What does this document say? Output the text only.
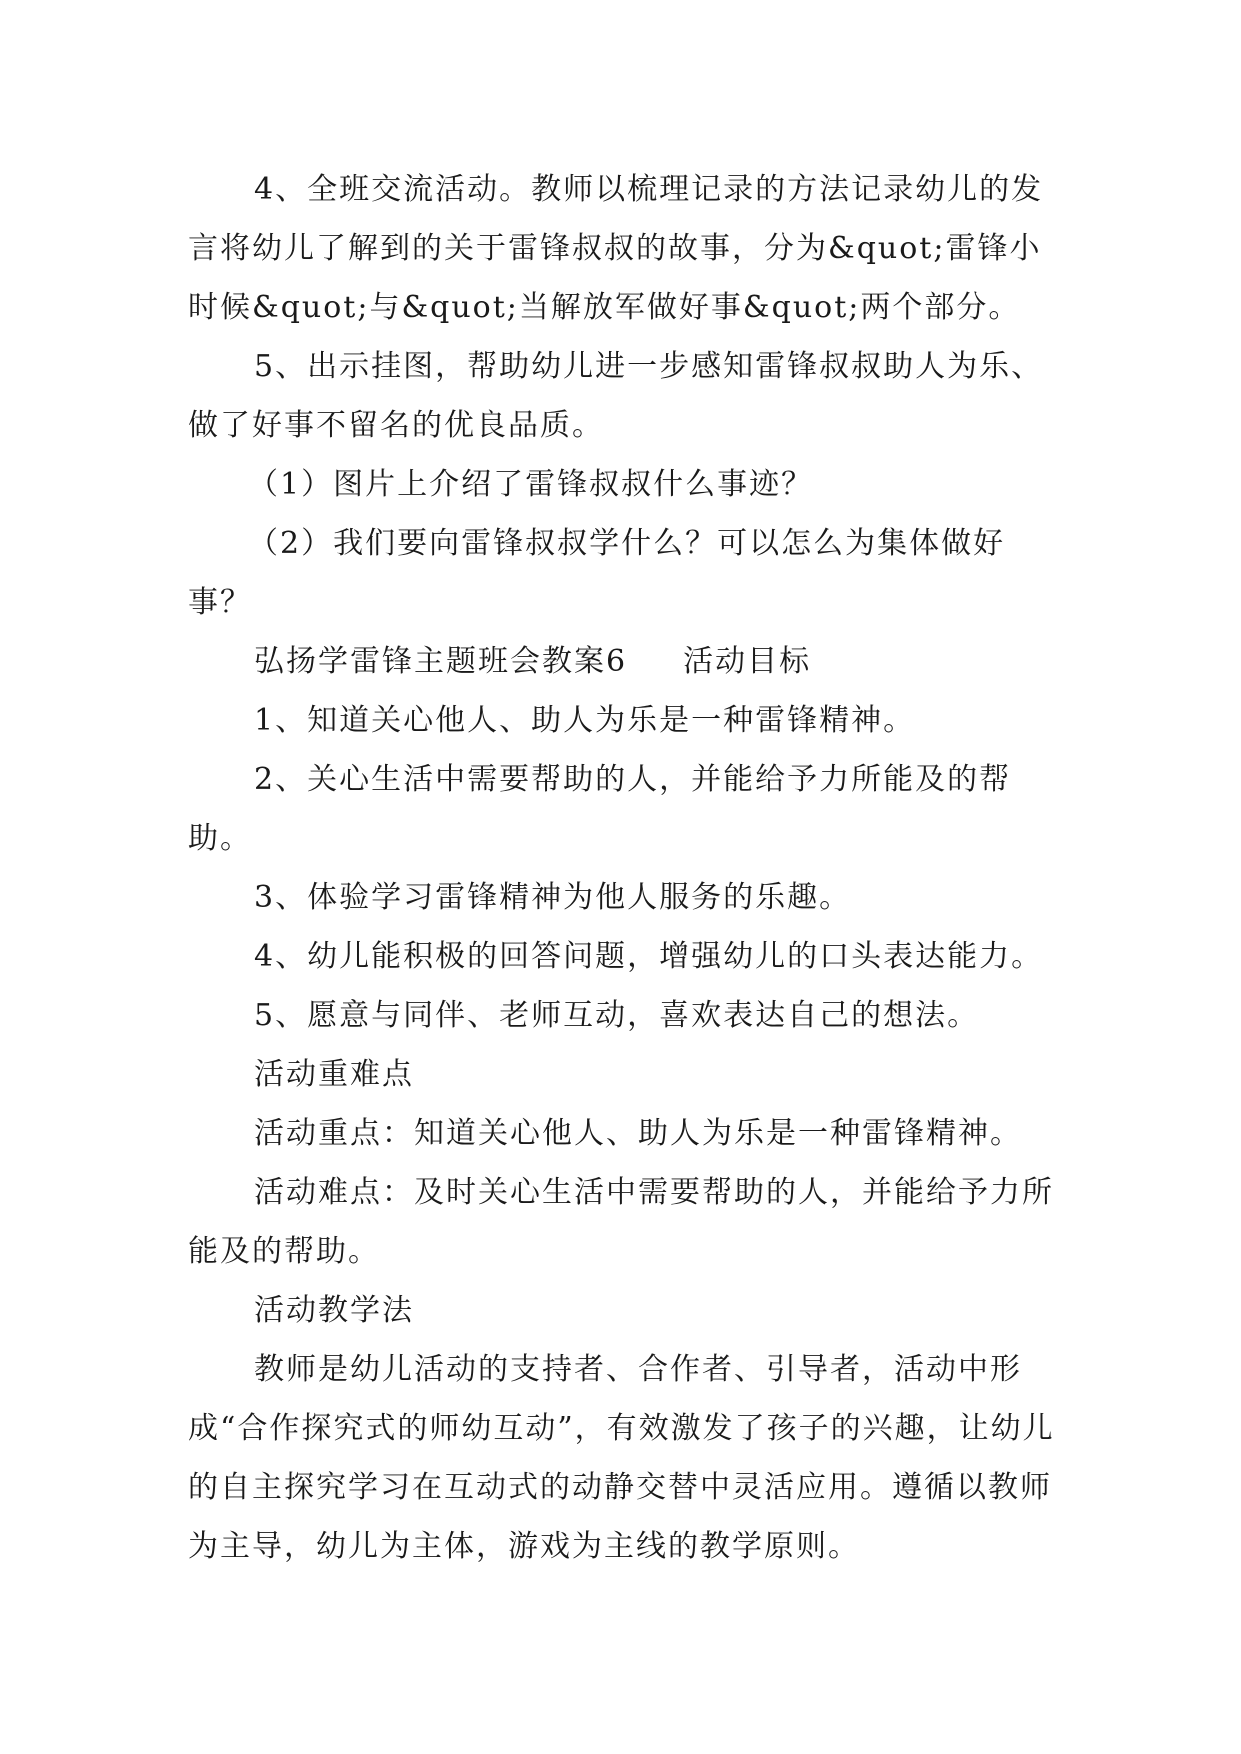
4、全班交流活动。教师以梳理记录的方法记录幼儿的发言将幼儿了解到的关于雷锋叔叔的故事，分为&quot;雷锋小时候&quot;与&quot;当解放军做好事&quot;两个部分。

5、出示挂图，帮助幼儿进一步感知雷锋叔叔助人为乐、做了好事不留名的优良品质。

（1）图片上介绍了雷锋叔叔什么事迹？

（2）我们要向雷锋叔叔学什么？可以怎么为集体做好事？

弘扬学雷锋主题班会教案6 活动目标

1、知道关心他人、助人为乐是一种雷锋精神。

2、关心生活中需要帮助的人，并能给予力所能及的帮助。

3、体验学习雷锋精神为他人服务的乐趣。

4、幼儿能积极的回答问题，增强幼儿的口头表达能力。

5、愿意与同伴、老师互动，喜欢表达自己的想法。

活动重难点

活动重点：知道关心他人、助人为乐是一种雷锋精神。

活动难点：及时关心生活中需要帮助的人，并能给予力所能及的帮助。

活动教学法

教师是幼儿活动的支持者、合作者、引导者，活动中形成“合作探究式的师幼互动”，有效激发了孩子的兴趣，让幼儿的自主探究学习在互动式的动静交替中灵活应用。遵循以教师为主导，幼儿为主体，游戏为主线的教学原则。
